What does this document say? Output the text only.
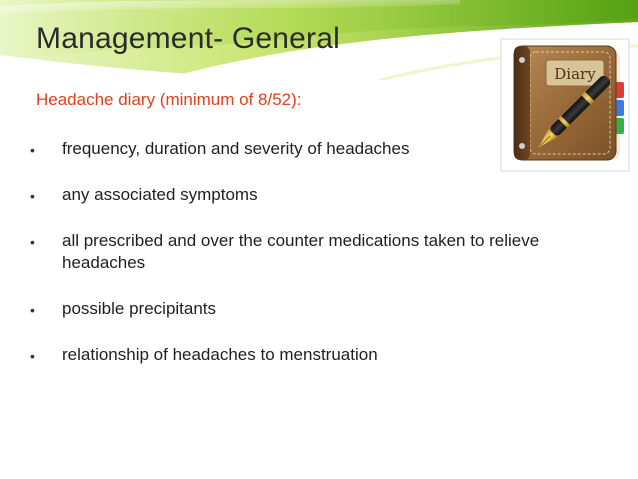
Management- General

Headache diary (minimum of 8/52):

• frequency, duration and severity of headaches
• any associated symptoms
• all prescribed and over the counter medications taken to relieve headaches
• possible precipitants
• relationship of headaches to menstruation
Diary
